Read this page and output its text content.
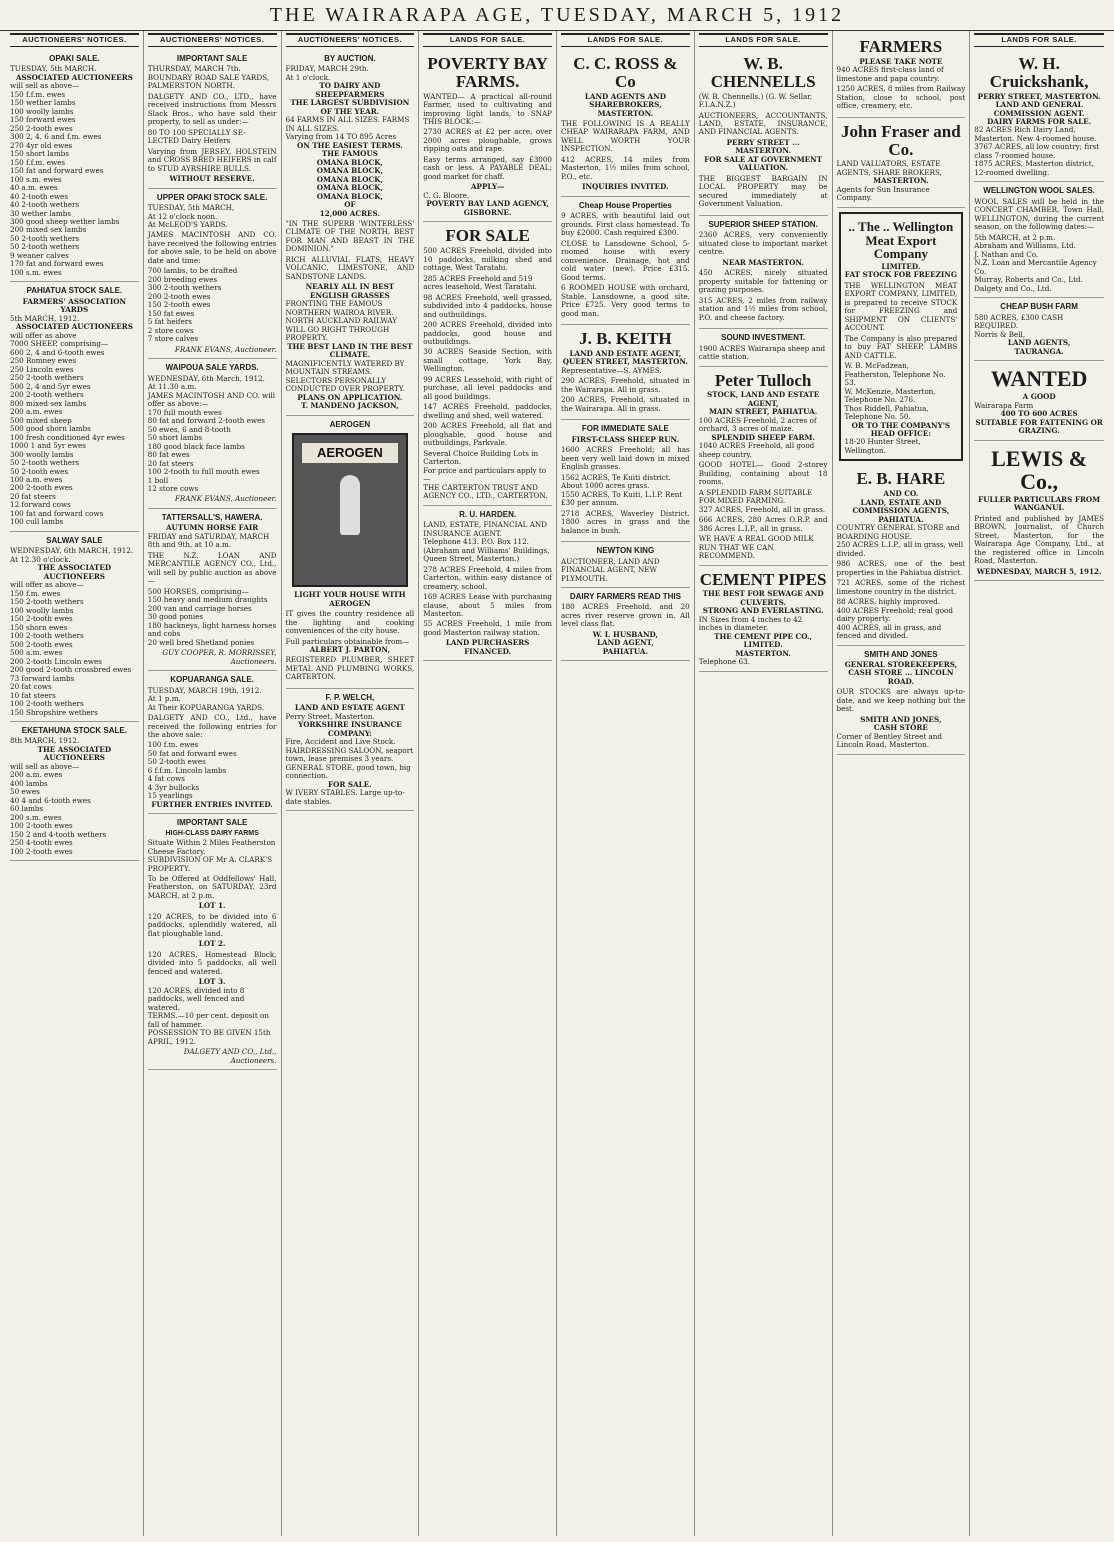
THE WAIRARAPA AGE, TUESDAY, MARCH 5, 1912
AUCTIONEERS' NOTICES.
OPAKI SALE.
TUESDAY, 5th MARCH.
ASSOCIATED AUCTIONEERS
will sell as above—
150 f.f.m. ewes
150 wether lambs
100 woolly lambs
150 forward ewes
250 2-tooth ewes
300 2, 4, 6 and f.m. ewes
270 4yr old ewes
150 short lambs
150 f.f.m. ewes
150 fat and forward ewes
100 s.m. ewes
40 a.m. ewes
40 2-tooth ewes
40 2-tooth wethers
30 wether lambs
300 good sheep wether lambs
200 mixed sex lambs
50 2-tooth wethers
50 2-tooth wethers
9 weaner calves
170 fat and forward ewes
100 s.m. ewes
PAHIATUA STOCK SALE.
FARMERS' ASSOCIATION YARDS
5th MARCH, 1912.
ASSOCIATED AUCTIONEERS
will offer as above
7000 SHEEP, comprising—
600 2, 4 and 6-tooth ewes
250 Romney ewes
250 Lincoln ewes
250 2-tooth wethers
500 2, 4 and 5yr ewes
200 2-tooth wethers
800 mixed sex lambs
200 a.m. ewes
500 mixed sheep
500 good shorn lambs
100 fresh conditioned 4yr ewes
1000 1 and 5yr ewes
300 woolly lambs
50 2-tooth wethers
50 2-tooth ewes
100 a.m. ewes
200 2-tooth ewes
20 fat steers
12 forward cows
100 fat and forward cows
100 cull lambs
SALWAY SALE
WEDNESDAY, 6th MARCH, 1912.
At 12.30 o'clock.
THE ASSOCIATED AUCTIONEERS
will offer as above—
150 f.m. ewes
150 2-tooth wethers
100 woolly lambs
150 2-tooth ewes
150 shorn ewes
100 2-tooth wethers
500 2-tooth ewes
500 a.m. ewes
200 2-tooth Lincoln ewes
200 good 2-tooth crossbred ewes
73 forward lambs
20 fat cows
10 fat steers
100 2-tooth wethers
150 Shropshire wethers
EKETAHUNA STOCK SALE.
8th MARCH, 1912.
THE ASSOCIATED AUCTIONEERS
will sell as above—
200 a.m. ewes
400 lambs
50 ewes
40 4 and 6-tooth ewes
60 lambs
200 s.m. ewes
100 2-tooth ewes
150 2 and 4-tooth wethers
250 4-tooth ewes
100 2-tooth ewes
AUCTIONEERS' NOTICES.
IMPORTANT SALE
THURSDAY, MARCH 7th.
BOUNDARY ROAD SALE YARDS, PALMERSTON NORTH.
DALGETY AND CO., LTD., have received instructions from Messrs Slack Bros., who have sold their property, to sell as under:—
80 TO 100 SPECIALLY SE-LECTED Dairy Heifers
Varying from JERSEY, HOLSTEIN and CROSS BRED HEIFERS in calf to STUD AYRSHIRE BULLS.
WITHOUT RESERVE.
UPPER OPAKI STOCK SALE.
TUESDAY, 5th MARCH,
At 12 o'clock noon.
At McLEOD'S YARDS.
JAMES MACINTOSH AND CO. have received the following entries for above sale, to be held on above date and time:
700 lambs, to be drafted
200 breeding ewes
300 2-tooth wethers
200 2-tooth ewes
150 2-tooth ewes
150 fat ewes
5 fat heifers
2 store cows
7 store calves
FRANK EVANS, Auctioneer.
WAIPOUA SALE YARDS.
WEDNESDAY, 6th March, 1912.
At 11.30 a.m.
JAMES MACINTOSH AND CO. will offer as above:—
170 full mouth ewes
80 fat and forward 2-tooth ewes
50 ewes, 6 and 8-tooth
50 short lambs
180 good black face lambs
80 fat ewes
20 fat steers
100 2-tooth to full mouth ewes
1 boll
12 store cows
FRANK EVANS, Auctioneer.
TATTERSALL'S, HAWERA.
AUTUMN HORSE FAIR
FRIDAY and SATURDAY, MARCH 8th and 9th, at 10 a.m.
THE N.Z. LOAN AND MERCANTILE AGENCY CO., Ltd., will sell by public auction as above—
500 HORSES, comprising—
150 heavy and medium draughts
200 van and carriage horses
30 good ponies
180 hackneys, light harness horses and cobs
20 well bred Shetland ponies
GUY COOPER, R. MORRISSEY, Auctioneers.
KOPUARANGA SALE.
TUESDAY, MARCH 19th, 1912.
At 1 p.m.
At Their KOPUARANGA YARDS.
DALGETY AND CO., Ltd., have received the following entries for the above sale:
100 f.m. ewes
50 fat and forward ewes
50 2-tooth ewes
6 f.f.m. Lincoln lambs
4 fat cows
4 3yr bullocks
15 yearlings
FURTHER ENTRIES INVITED.
IMPORTANT SALE
HIGH-CLASS DAIRY FARMS
Situate Within 2 Miles Featherston Cheese Factory.
SUBDIVISION OF Mr A. CLARK'S PROPERTY.
To be Offered at Oddfellows' Hall, Featherston, on SATURDAY, 23rd MARCH, at 2 p.m.
LOT 1.
120 ACRES, to be divided into 6 paddocks, splendidly watered, all flat ploughable land.
LOT 2.
120 ACRES, Homestead Block, divided into 5 paddocks, all well fenced and watered.
LOT 3.
120 ACRES, divided into 8 paddocks, well fenced and watered.
TERMS.—10 per cent. deposit on fall of hammer.
POSSESSION TO BE GIVEN 15th APRIL, 1912.
DALGETY AND CO., Ltd., Auctioneers.
AUCTIONEERS' NOTICES.
BY AUCTION.
FRIDAY, MARCH 29th.
At 1 o'clock.
TO DAIRY AND SHEEPFARMERS
THE LARGEST SUBDIVISION OF THE YEAR.
64 FARMS IN ALL SIZES. FARMS IN ALL SIZES.
Varying from 14 TO 895 Acres
ON THE EASIEST TERMS.
THE FAMOUS
OMANA BLOCK,
OMANA BLOCK,
OMANA BLOCK,
OMANA BLOCK,
OMANA BLOCK,
OF
12,000 ACRES.
"IN THE SUPERB 'WINTERLESS' CLIMATE OF THE NORTH, BEST FOR MAN AND BEAST IN THE DOMINION."
RICH ALLUVIAL FLATS, HEAVY VOLCANIC, LIMESTONE, AND SANDSTONE LANDS.
NEARLY ALL IN BEST ENGLISH GRASSES
FRONTING THE FAMOUS NORTHERN WAIROA RIVER.
NORTH AUCKLAND RAILWAY WILL GO RIGHT THROUGH PROPERTY.
THE BEST LAND IN THE BEST CLIMATE.
MAGNIFICENTLY WATERED BY MOUNTAIN STREAMS.
SELECTORS PERSONALLY CONDUCTED OVER PROPERTY.
PLANS ON APPLICATION.
T. MANDENO JACKSON,
AEROGEN
AEROGEN
LIGHT YOUR HOUSE WITH
AEROGEN
IT gives the country residence all the lighting and cooking conveniences of the city house.
Full particulars obtainable from—
ALBERT J. PARTON,
REGISTERED PLUMBER, SHEET METAL AND PLUMBING WORKS, CARTERTON.
F. P. WELCH,
LAND AND ESTATE AGENT
Perry Street, Masterton.
YORKSHIRE INSURANCE COMPANY:
Fire, Accident and Live Stock.
HAIRDRESSING SALOON, seaport town, lease premises 3 years.
GENERAL STORE, good town, big connection.
FOR SALE.
W IVERY STABLES. Large up-to-date stables.
LANDS FOR SALE.
POVERTY BAY FARMS.
WANTED— A practical all-round Farmer, used to cultivating and improving light lands, to SNAP THIS BLOCK:—
2730 ACRES at £2 per acre, over 2000 acres ploughable, grows ripping oats and rape.
Easy terms arranged, say £3000 cash or less. A PAYABLE DEAL; good market for chaff.
APPLY—
C. G. Bloore,
POVERTY BAY LAND AGENCY, GISBORNE.
FOR SALE
500 ACRES Freehold, divided into 10 paddocks, milking shed and cottage, West Taratahi.
285 ACRES Freehold and 519 acres leasehold, West Taratahi.
98 ACRES Freehold, well grassed, subdivided into 4 paddocks, house and outbuildings.
200 ACRES Freehold, divided into paddocks, good house and outbuildings.
30 ACRES Seaside Section, with small cottage, York Bay, Wellington.
99 ACRES Leasehold, with right of purchase, all level paddocks and all good buildings.
147 ACRES Freehold, paddocks, dwelling and shed, well watered.
200 ACRES Freehold, all flat and ploughable, good house and outbuildings, Parkvale.
Several Choice Building Lots in Carterton.
For price and particulars apply to—
THE CARTERTON TRUST AND AGENCY CO., LTD., CARTERTON.
R. U. HARDEN.
LAND, ESTATE, FINANCIAL AND INSURANCE AGENT.
Telephone 413. P.O. Box 112.
(Abraham and Williams' Buildings, Queen Street, Masterton.)
278 ACRES Freehold, 4 miles from Carterton, within easy distance of creamery, school.
169 ACRES Lease with purchasing clause, about 5 miles from Masterton.
55 ACRES Freehold, 1 mile from good Masterton railway station.
LAND PURCHASERS FINANCED.
LANDS FOR SALE.
C. C. ROSS & Co
LAND AGENTS AND SHAREBROKERS,
MASTERTON.
THE FOLLOWING IS A REALLY CHEAP WAIRARAPA FARM, AND WELL WORTH YOUR INSPECTION.
412 ACRES, 14 miles from Masterton, 1½ miles from school, P.O., etc.
INQUIRIES INVITED.
Cheap House Properties
9 ACRES, with beautiful laid out grounds. First class homestead. To buy £2000. Cash required £300.
CLOSE to Lansdowne School, 5-roomed house with every convenience. Drainage, hot and cold water (new). Price £315. Good terms.
6 ROOMED HOUSE with orchard, Stable. Lansdowne, a good site. Price £725. Very good terms to good man.
J. B. KEITH
LAND AND ESTATE AGENT,
QUEEN STREET, MASTERTON.
Representative—S. AYMES.
290 ACRES, Freehold, situated in the Wairarapa. All in grass.
200 ACRES, Freehold, situated in the Wairarapa. All in grass.
FOR IMMEDIATE SALE
FIRST-CLASS SHEEP RUN.
1600 ACRES Freehold; all has been very well laid down in mixed English grasses.
1562 ACRES, Te Kuiti district. About 1000 acres grass.
1550 ACRES, To Kuiti, L.I.P. Rent £30 per annum.
2718 ACRES, Waverley District. 1800 acres in grass and the balance in bush.
NEWTON KING
AUCTIONEER, LAND AND FINANCIAL AGENT, NEW PLYMOUTH.
DAIRY FARMERS READ THIS
180 ACRES Freehold, and 20 acres river reserve grown in. All level class flat.
W. I. HUSBAND,
LAND AGENT,
PAHIATUA.
LANDS FOR SALE.
W. B. CHENNELLS
(W. B. Chennells.) (G. W. Sellar, F.I.A.N.Z.)
AUCTIONEERS, ACCOUNTANTS, LAND, ESTATE, INSURANCE, AND FINANCIAL AGENTS.
PERRY STREET ... MASTERTON.
FOR SALE AT GOVERNMENT VALUATION.
THE BIGGEST BARGAIN IN LOCAL PROPERTY may be secured immediately at Government Valuation.
SUPERIOR SHEEP STATION.
2360 ACRES, very conveniently situated close to important market centre.
NEAR MASTERTON.
450 ACRES, nicely situated property suitable for fattening or grazing purposes.
315 ACRES, 2 miles from railway station and 1½ miles from school, P.O. and cheese factory.
SOUND INVESTMENT.
1900 ACRES Wairarapa sheep and cattle station.
Peter Tulloch
STOCK, LAND AND ESTATE AGENT,
MAIN STREET, PAHIATUA.
100 ACRES Freehold, 2 acres of orchard, 3 acres of maize.
SPLENDID SHEEP FARM.
1040 ACRES Freehold, all good sheep country.
GOOD HOTEL— Good 2-storey Building, containing about 18 rooms.
A SPLENDID FARM SUITABLE FOR MIXED FARMING.
327 ACRES, Freehold, all in grass.
666 ACRES, 280 Acres O.R.P. and 386 Acres L.I.P., all in grass.
WE HAVE A REAL GOOD MILK RUN THAT WE CAN RECOMMEND.
CEMENT PIPES
THE BEST FOR SEWAGE AND CULVERTS.
STRONG AND EVERLASTING.
IN Sizes from 4 inches to 42 inches in diameter.
THE CEMENT PIPE CO., LIMITED.
MASTERTON.
Telephone 63.
FARMERS
PLEASE TAKE NOTE
940 ACRES first-class land of limestone and papa country.
1250 ACRES, 8 miles from Railway Station, close to school, post office, creamery, etc.
John Fraser and Co.
LAND VALUATORS, ESTATE AGENTS, SHARE BROKERS,
MASTERTON.
Agents for Sun Insurance Company.
.. The .. Wellington Meat Export Company
LIMITED.
FAT STOCK FOR FREEZING
THE WELLINGTON MEAT EXPORT COMPANY, LIMITED, is prepared to receive STOCK for FREEZING and SHIPMENT ON CLIENTS' ACCOUNT.
The Company is also prepared to buy FAT SHEEP, LAMBS AND CATTLE.
W. B. McFadzean, Featherston, Telephone No. 53.
W. McKenzie, Masterton, Telephone No. 276.
Thos Riddell, Pahiatua, Telephone No. 50.
OR TO THE COMPANY'S HEAD OFFICE:
18-20 Hunter Street, Wellington.
E. B. HARE
AND CO.
LAND, ESTATE AND COMMISSION AGENTS,
PAHIATUA.
COUNTRY GENERAL STORE and BOARDING HOUSE.
250 ACRES L.I.P., all in grass, well divided.
986 ACRES, one of the best properties in the Pahiatua district.
721 ACRES, some of the richest limestone country in the district.
88 ACRES, highly improved.
400 ACRES Freehold; real good dairy property.
400 ACRES, all in grass, and fenced and divided.
SMITH AND JONES
GENERAL STOREKEEPERS,
CASH STORE ... LINCOLN ROAD.
OUR STOCKS are always up-to-date, and we keep nothing but the best.
SMITH AND JONES,
CASH STORE
Corner of Bentley Street and Lincoln Road, Masterton.
LANDS FOR SALE.
W. H. Cruickshank,
PERRY STREET, MASTERTON.
LAND AND GENERAL COMMISSION AGENT.
DAIRY FARMS FOR SALE.
82 ACRES Rich Dairy Land, Masterton. New 4-roomed house.
3767 ACRES, all low country; first class 7-roomed house.
1875 ACRES, Masterton district, 12-roomed dwelling.
WELLINGTON WOOL SALES.
WOOL SALES will be held in the CONCERT CHAMBER, Town Hall, WELLINGTON, during the current season, on the following dates:—
5th MARCH, at 2 p.m.
Abraham and Williams, Ltd.
J. Nathan and Co.
N.Z. Loan and Mercantile Agency Co.
Murray, Roberts and Co., Ltd.
Dalgety and Co., Ltd.
CHEAP BUSH FARM
580 ACRES, £300 CASH REQUIRED.
Norris & Bell,
LAND AGENTS,
TAURANGA.
WANTED
A GOOD
Wairarapa Farm
400 TO 600 ACRES
SUITABLE FOR FATTENING OR GRAZING.
LEWIS & Co.,
FULLER PARTICULARS FROM
WANGANUI.
Printed and published by JAMES BROWN, Journalist, of Church Street, Masterton, for the Wairarapa Age Company, Ltd., at the registered office in Lincoln Road, Masterton.
WEDNESDAY, MARCH 5, 1912.
